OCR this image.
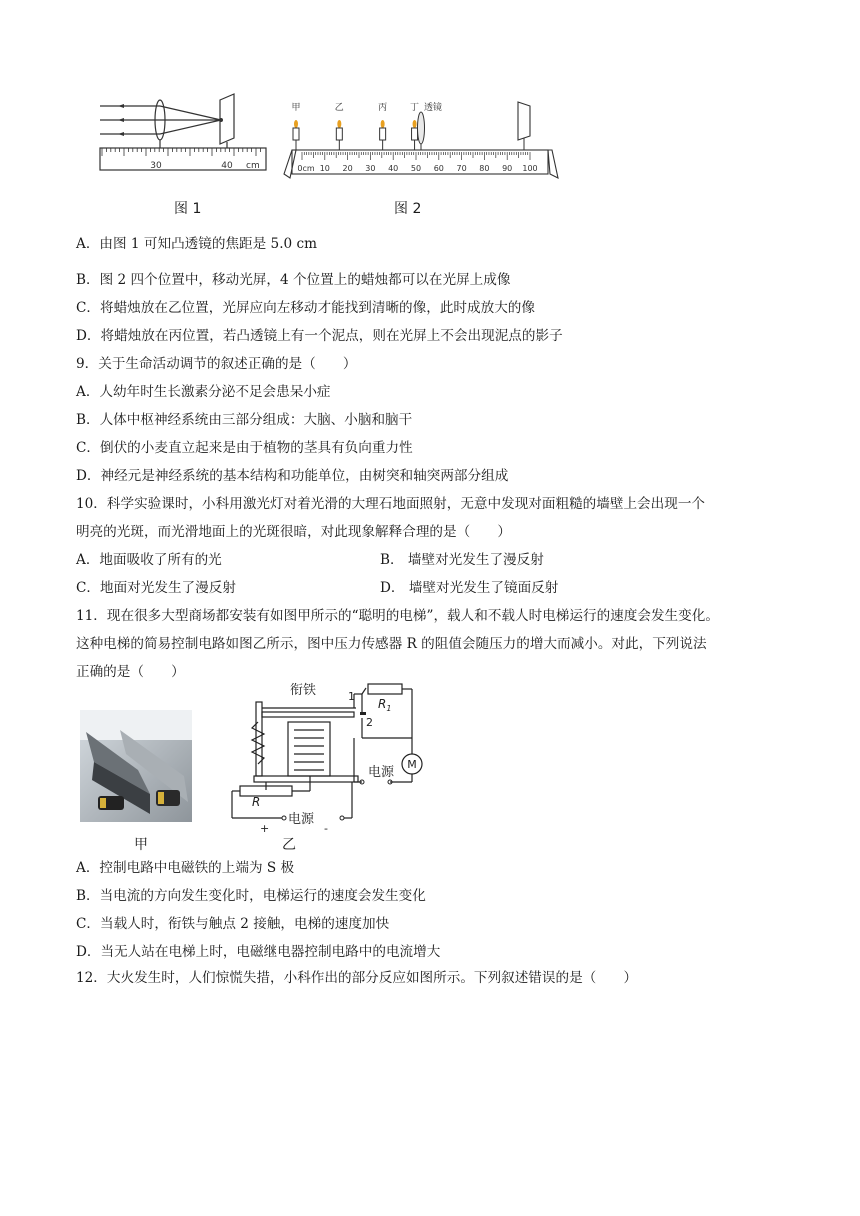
30	40 cm
图 1
0cm 10 20 30 40 50 60 70 80 90 100
甲	乙	丙	丁 透镜
图 2
A．由图 1 可知凸透镜的焦距是 5.0 cm
B．图 2 四个位置中，移动光屏，4 个位置上的蜡烛都可以在光屏上成像
C．将蜡烛放在乙位置，光屏应向左移动才能找到清晰的像，此时成放大的像
D．将蜡烛放在丙位置，若凸透镜上有一个泥点，则在光屏上不会出现泥点的影子
9．关于生命活动调节的叙述正确的是（　　）
A．人幼年时生长激素分泌不足会患呆小症
B．人体中枢神经系统由三部分组成：大脑、小脑和脑干
C．倒伏的小麦直立起来是由于植物的茎具有负向重力性
D．神经元是神经系统的基本结构和功能单位，由树突和轴突两部分组成
10．科学实验课时，小科用激光灯对着光滑的大理石地面照射，无意中发现对面粗糙的墙壁上会出现一个
明亮的光斑，而光滑地面上的光斑很暗，对此现象解释合理的是（　　）
A．地面吸收了所有的光	B． 墙壁对光发生了漫反射
C．地面对光发生了漫反射	D． 墙壁对光发生了镜面反射
11．现在很多大型商场都安装有如图甲所示的“聪明的电梯”，载人和不载人时电梯运行的速度会发生变化。
这种电梯的简易控制电路如图乙所示，图中压力传感器 R 的阻值会随压力的增大而减小。对此，下列说法
正确的是（　　）
甲
衔铁	1
2
$R_1$
M
电源
R
电源
+	-
乙
A．控制电路中电磁铁的上端为 S 极
B．当电流的方向发生变化时，电梯运行的速度会发生变化
C．当载人时，衔铁与触点 2 接触，电梯的速度加快
D．当无人站在电梯上时，电磁继电器控制电路中的电流增大
12．大火发生时，人们惊慌失措，小科作出的部分反应如图所示。下列叙述错误的是（　　）
